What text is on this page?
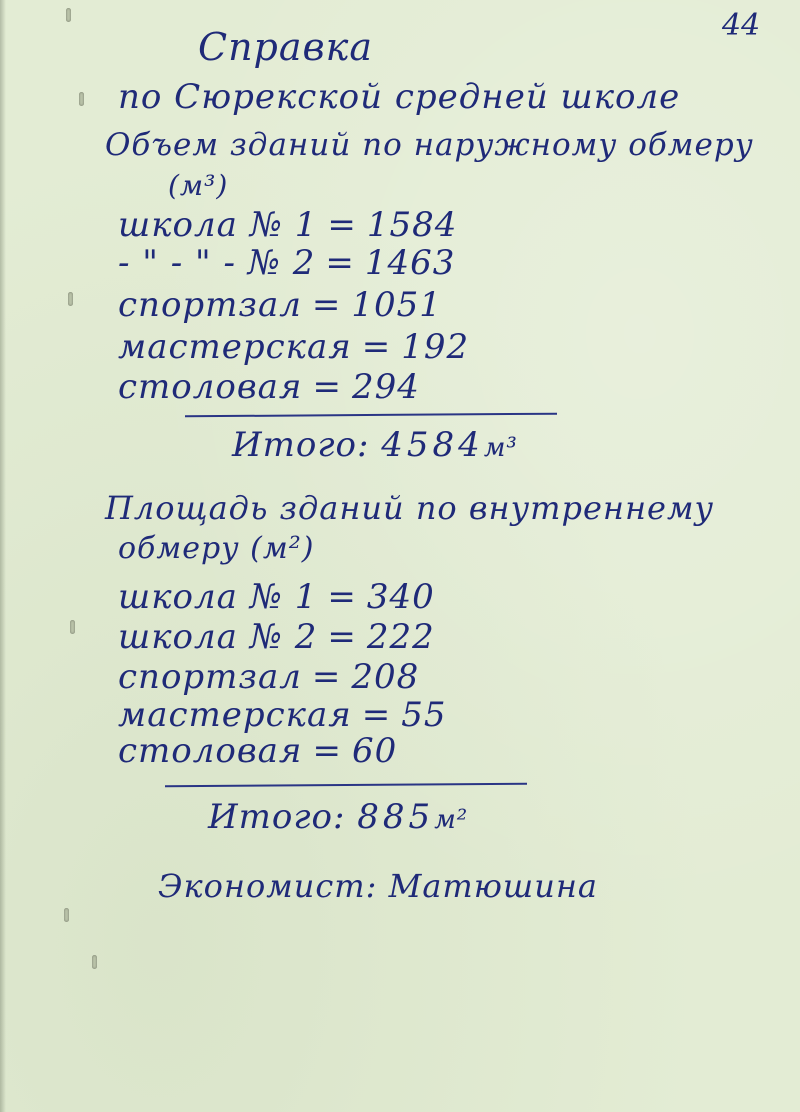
44
Справка
по Сюрекской средней школе
Объем зданий по наружному обмеру
(м³)
школа № 1 = 1584
- " - " - № 2 = 1463
спортзал = 1051
мастерская = 192
столовая = 294
Итого: 4584м³
Площадь зданий по внутреннему
обмеру (м²)
школа № 1 = 340
школа № 2 = 222
спортзал = 208
мастерская = 55
столовая = 60
Итого: 885м²
Экономист: Матюшина
